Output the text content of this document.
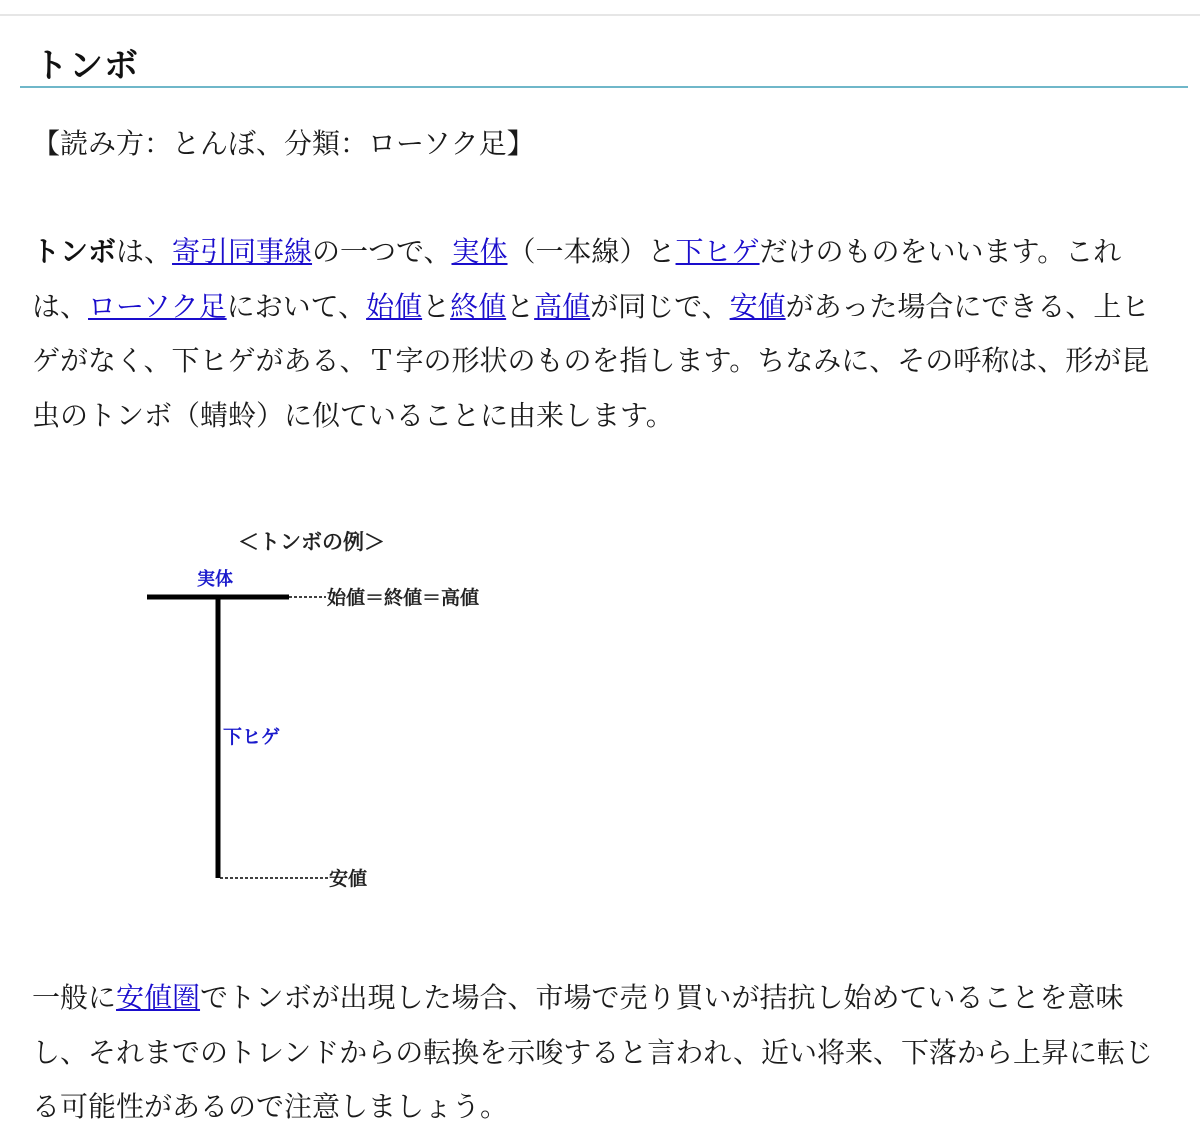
トンボ

【読み方：とんぼ、分類：ローソク足】

トンボは、寄引同事線の一つで、実体（一本線）と下ヒゲだけのものをいいます。これは、ローソク足において、始値と終値と高値が同じで、安値があった場合にできる、上ヒゲがなく、下ヒゲがある、Ｔ字の形状のものを指します。ちなみに、その呼称は、形が昆虫のトンボ（蜻蛉）に似ていることに由来します。

＜トンボの例＞
実体
始値＝終値＝高値
下ヒゲ
安値

一般に安値圏でトンボが出現した場合、市場で売り買いが拮抗し始めていることを意味し、それまでのトレンドからの転換を示唆すると言われ、近い将来、下落から上昇に転じる可能性があるので注意しましょう。
